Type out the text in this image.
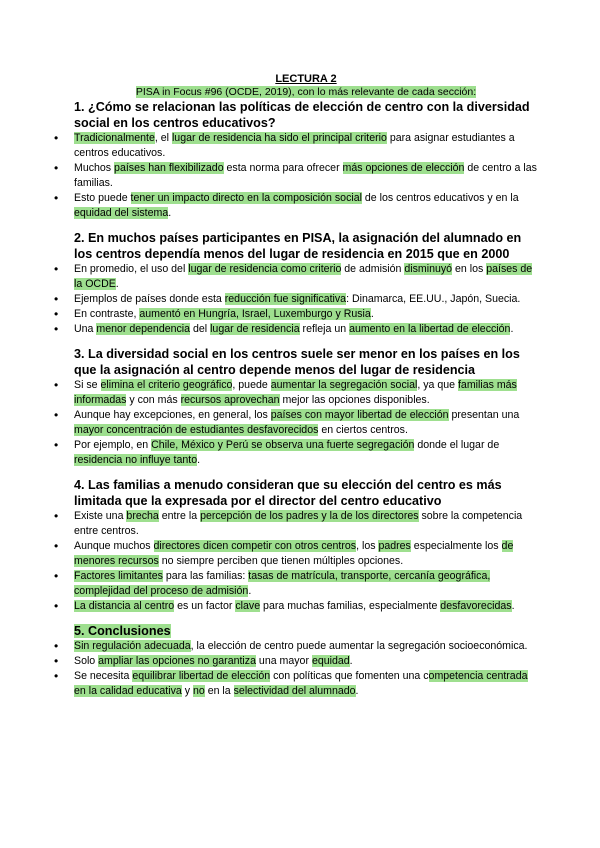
LECTURA 2
PISA in Focus #96 (OCDE, 2019), con lo más relevante de cada sección:
1. ¿Cómo se relacionan las políticas de elección de centro con la diversidad social en los centros educativos?
• Tradicionalmente, el lugar de residencia ha sido el principal criterio para asignar estudiantes a centros educativos.
• Muchos países han flexibilizado esta norma para ofrecer más opciones de elección de centro a las familias.
• Esto puede tener un impacto directo en la composición social de los centros educativos y en la equidad del sistema.
2. En muchos países participantes en PISA, la asignación del alumnado en los centros dependía menos del lugar de residencia en 2015 que en 2000
• En promedio, el uso del lugar de residencia como criterio de admisión disminuyó en los países de la OCDE.
• Ejemplos de países donde esta reducción fue significativa: Dinamarca, EE.UU., Japón, Suecia.
• En contraste, aumentó en Hungría, Israel, Luxemburgo y Rusia.
• Una menor dependencia del lugar de residencia refleja un aumento en la libertad de elección.
3. La diversidad social en los centros suele ser menor en los países en los que la asignación al centro depende menos del lugar de residencia
• Si se elimina el criterio geográfico, puede aumentar la segregación social, ya que familias más informadas y con más recursos aprovechan mejor las opciones disponibles.
• Aunque hay excepciones, en general, los países con mayor libertad de elección presentan una mayor concentración de estudiantes desfavorecidos en ciertos centros.
• Por ejemplo, en Chile, México y Perú se observa una fuerte segregación donde el lugar de residencia no influye tanto.
4. Las familias a menudo consideran que su elección del centro es más limitada que la expresada por el director del centro educativo
• Existe una brecha entre la percepción de los padres y la de los directores sobre la competencia entre centros.
• Aunque muchos directores dicen competir con otros centros, los padres especialmente los de menores recursos no siempre perciben que tienen múltiples opciones.
• Factores limitantes para las familias: tasas de matrícula, transporte, cercanía geográfica, complejidad del proceso de admisión.
• La distancia al centro es un factor clave para muchas familias, especialmente desfavorecidas.
5. Conclusiones
• Sin regulación adecuada, la elección de centro puede aumentar la segregación socioeconómica.
• Solo ampliar las opciones no garantiza una mayor equidad.
• Se necesita equilibrar libertad de elección con políticas que fomenten una competencia centrada en la calidad educativa y no en la selectividad del alumnado.
